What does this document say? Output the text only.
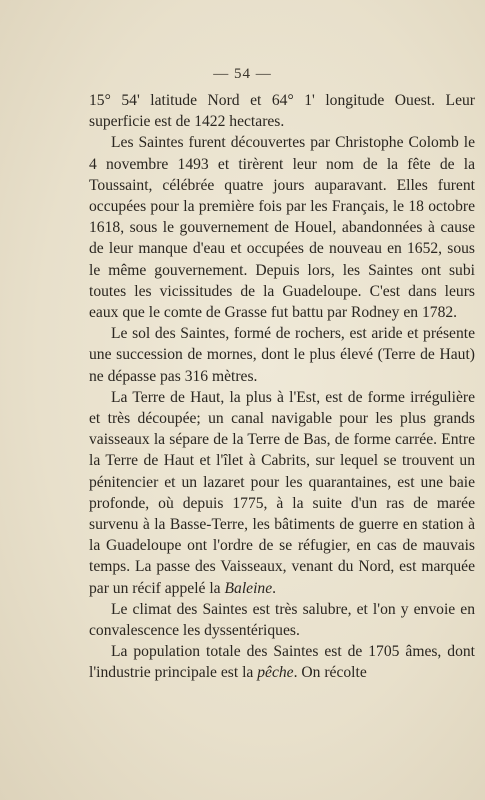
— 54 —

15° 54' latitude Nord et 64° 1' longitude Ouest. Leur superficie est de 1422 hectares.

Les Saintes furent découvertes par Christophe Colomb le 4 novembre 1493 et tirèrent leur nom de la fête de la Toussaint, célébrée quatre jours auparavant. Elles furent occupées pour la première fois par les Français, le 18 octobre 1618, sous le gouvernement de Houel, abandonnées à cause de leur manque d'eau et occupées de nouveau en 1652, sous le même gouvernement. Depuis lors, les Saintes ont subi toutes les vicissitudes de la Guadeloupe. C'est dans leurs eaux que le comte de Grasse fut battu par Rodney en 1782.

Le sol des Saintes, formé de rochers, est aride et présente une succession de mornes, dont le plus élevé (Terre de Haut) ne dépasse pas 316 mètres.

La Terre de Haut, la plus à l'Est, est de forme irrégulière et très découpée; un canal navigable pour les plus grands vaisseaux la sépare de la Terre de Bas, de forme carrée. Entre la Terre de Haut et l'îlet à Cabrits, sur lequel se trouvent un pénitencier et un lazaret pour les quarantaines, est une baie profonde, où depuis 1775, à la suite d'un ras de marée survenu à la Basse-Terre, les bâtiments de guerre en station à la Guadeloupe ont l'ordre de se réfugier, en cas de mauvais temps. La passe des Vaisseaux, venant du Nord, est marquée par un récif appelé la Baleine.

Le climat des Saintes est très salubre, et l'on y envoie en convalescence les dyssentériques.

La population totale des Saintes est de 1705 âmes, dont l'industrie principale est la pêche. On récolte
